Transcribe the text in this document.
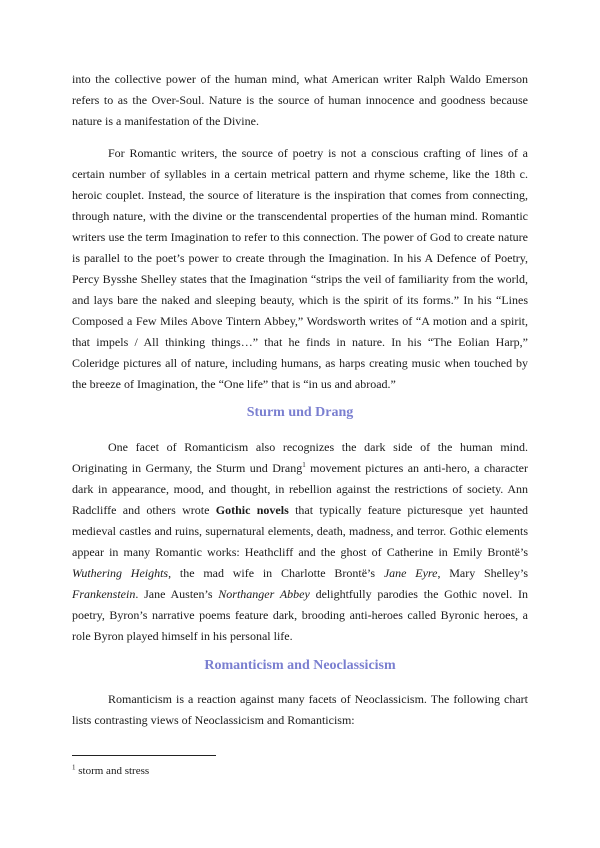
into the collective power of the human mind, what American writer Ralph Waldo Emerson refers to as the Over-Soul. Nature is the source of human innocence and goodness because nature is a manifestation of the Divine.

For Romantic writers, the source of poetry is not a conscious crafting of lines of a certain number of syllables in a certain metrical pattern and rhyme scheme, like the 18th c. heroic couplet. Instead, the source of literature is the inspiration that comes from connecting, through nature, with the divine or the transcendental properties of the human mind. Romantic writers use the term Imagination to refer to this connection. The power of God to create nature is parallel to the poet’s power to create through the Imagination. In his A Defence of Poetry, Percy Bysshe Shelley states that the Imagination “strips the veil of familiarity from the world, and lays bare the naked and sleeping beauty, which is the spirit of its forms.” In his “Lines Composed a Few Miles Above Tintern Abbey,” Wordsworth writes of “A motion and a spirit, that impels / All thinking things…” that he finds in nature. In his “The Eolian Harp,” Coleridge pictures all of nature, including humans, as harps creating music when touched by the breeze of Imagination, the “One life” that is “in us and abroad.”

Sturm und Drang

One facet of Romanticism also recognizes the dark side of the human mind. Originating in Germany, the Sturm und Drang$^1$ movement pictures an anti-hero, a character dark in appearance, mood, and thought, in rebellion against the restrictions of society. Ann Radcliffe and others wrote Gothic novels that typically feature picturesque yet haunted medieval castles and ruins, supernatural elements, death, madness, and terror. Gothic elements appear in many Romantic works: Heathcliff and the ghost of Catherine in Emily Brontë’s Wuthering Heights, the mad wife in Charlotte Brontë’s Jane Eyre, Mary Shelley’s Frankenstein. Jane Austen’s Northanger Abbey delightfully parodies the Gothic novel. In poetry, Byron’s narrative poems feature dark, brooding anti-heroes called Byronic heroes, a role Byron played himself in his personal life.

Romanticism and Neoclassicism

Romanticism is a reaction against many facets of Neoclassicism. The following chart lists contrasting views of Neoclassicism and Romanticism:

$^1$ storm and stress
